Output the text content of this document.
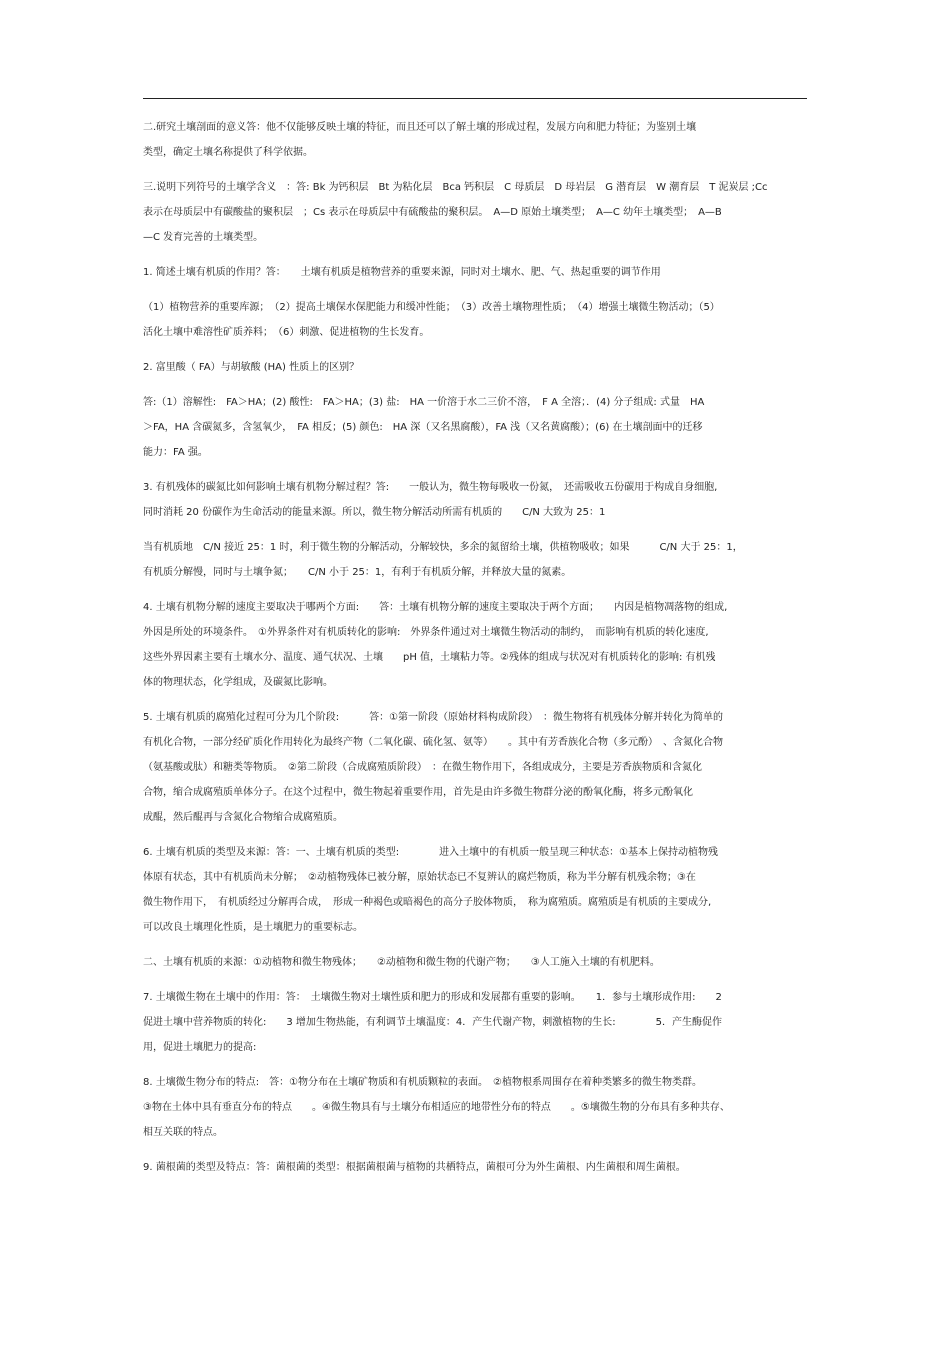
二.研究土壤剖面的意义答：他不仅能够反映土壤的特征，而且还可以了解土壤的形成过程，发展方向和肥力特征；为鉴别土壤
类型，确定土壤名称提供了科学依据。
三.说明下列符号的土壤学含义　：答: Bk 为钙积层　Bt 为粘化层　Bca 钙积层　C 母质层　D 母岩层　G 潜育层　W 潮育层　T 泥炭层 ;Cc
表示在母质层中有碳酸盐的聚积层　；Cs 表示在母质层中有硫酸盐的聚积层。　A—D 原始土壤类型；　A—C 幼年土壤类型；　A—B
—C 发育完善的土壤类型。
1. 简述土壤有机质的作用？答：　　土壤有机质是植物营养的重要来源，同时对土壤水、肥、气、热起重要的调节作用
（1）植物营养的重要库源；　（2）提高土壤保水保肥能力和缓冲性能；　（3）改善土壤物理性质；　（4）增强土壤微生物活动；（5）
活化土壤中难溶性矿质养料；　（6）刺激、促进植物的生长发育。
2. 富里酸（ FA）与胡敏酸 (HA) 性质上的区别？
答:（1）溶解性:　FA＞HA；(2) 酸性:　FA＞HA；(3) 盐:　HA 一价溶于水二三价不溶，　F A 全溶；．(4) 分子组成: 式量　HA
＞FA，HA 含碳氮多，含氢氧少，　FA 相反；(5) 颜色:　HA 深（又名黑腐酸），FA 浅（又名黄腐酸）；(6) 在土壤剖面中的迁移
能力：FA 强。
3. 有机残体的碳氮比如何影响土壤有机物分解过程？答:　　一般认为，微生物每吸收一份氮，　还需吸收五份碳用于构成自身细胞,
同时消耗 20 份碳作为生命活动的能量来源。所以，微生物分解活动所需有机质的　　C/N 大致为 25：1
当有机质地　C/N 接近 25：1 时，利于微生物的分解活动，分解较快，多余的氮留给土壤，供植物吸收；如果　　　C/N 大于 25：1，
有机质分解慢，同时与土壤争氮；　　C/N 小于 25：1，有利于有机质分解，并释放大量的氮素。
4. 土壤有机物分解的速度主要取决于哪两个方面:　　答：土壤有机物分解的速度主要取决于两个方面；　　内因是植物凋落物的组成,
外因是所处的环境条件。　①外界条件对有机质转化的影响:　外界条件通过对土壤微生物活动的制约，　而影响有机质的转化速度,
这些外界因素主要有土壤水分、温度、通气状况、土壤　　pH 值，土壤粘力等。②残体的组成与状况对有机质转化的影响: 有机残
体的物理状态，化学组成，及碳氮比影响。
5. 土壤有机质的腐殖化过程可分为几个阶段:　　　答：①第一阶段（原始材料构成阶段）　：微生物将有机残体分解并转化为简单的
有机化合物，一部分经矿质化作用转化为最终产物（二氧化碳、硫化氢、氨等）　　。其中有芳香族化合物（多元酚）　、含氮化合物
（氨基酸或肽）和糖类等物质。　②第二阶段（合成腐殖质阶段）　：在微生物作用下，各组成成分，主要是芳香族物质和含氮化
合物，缩合成腐殖质单体分子。在这个过程中，微生物起着重要作用，首先是由许多微生物群分泌的酚氧化酶，将多元酚氧化
成醌，然后醌再与含氮化合物缩合成腐殖质。
6. 土壤有机质的类型及来源：答：一、土壤有机质的类型:　　　　进入土壤中的有机质一般呈现三种状态：①基本上保持动植物残
体原有状态，其中有机质尚未分解；　②动植物残体已被分解，原始状态已不复辨认的腐烂物质，称为半分解有机残余物；③在
微生物作用下，　有机质经过分解再合成，　形成一种褐色或暗褐色的高分子胶体物质，　称为腐殖质。腐殖质是有机质的主要成分,
可以改良土壤理化性质，是土壤肥力的重要标志。
二、土壤有机质的来源：①动植物和微生物残体；　　②动植物和微生物的代谢产物；　　③人工施入土壤的有机肥料。
7. 土壤微生物在土壤中的作用：答：　土壤微生物对土壤性质和肥力的形成和发展都有重要的影响。　　1．参与土壤形成作用:　　2
促进土壤中营养物质的转化:　　3 增加生物热能，有利调节土壤温度：4．产生代谢产物，刺激植物的生长:　　　　5．产生酶促作
用，促进土壤肥力的提高:
8. 土壤微生物分布的特点:　答：①物分布在土壤矿物质和有机质颗粒的表面。　②植物根系周围存在着种类繁多的微生物类群。
③物在土体中具有垂直分布的特点　　。④微生物具有与土壤分布相适应的地带性分布的特点　　。⑤壤微生物的分布具有多种共存、
相互关联的特点。
9. 菌根菌的类型及特点：答：菌根菌的类型：根据菌根菌与植物的共栖特点，菌根可分为外生菌根、内生菌根和周生菌根。
